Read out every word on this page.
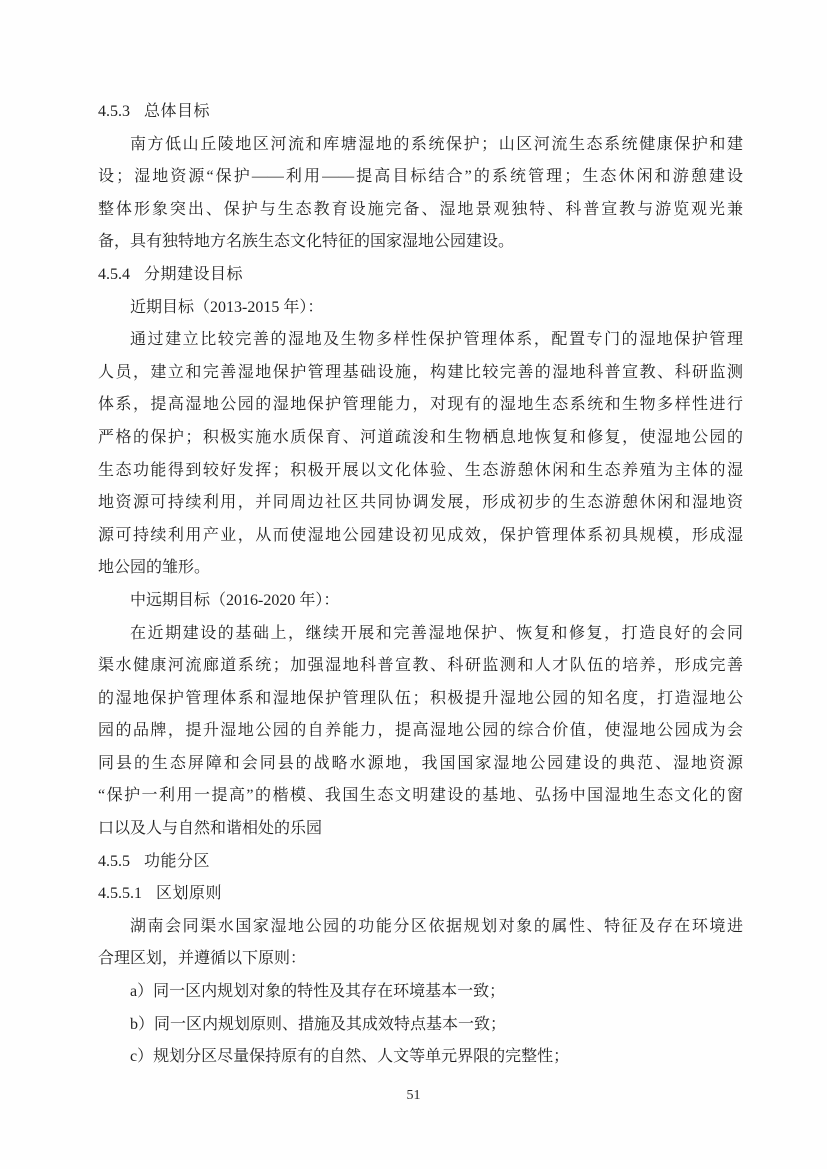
4.5.3 总体目标
南方低山丘陵地区河流和库塘湿地的系统保护；山区河流生态系统健康保护和建
设；湿地资源“保护——利用——提高目标结合”的系统管理；生态休闲和游憩建设
整体形象突出、保护与生态教育设施完备、湿地景观独特、科普宣教与游览观光兼
备，具有独特地方名族生态文化特征的国家湿地公园建设。
4.5.4 分期建设目标
近期目标（2013-2015 年）：
通过建立比较完善的湿地及生物多样性保护管理体系，配置专门的湿地保护管理
人员，建立和完善湿地保护管理基础设施，构建比较完善的湿地科普宣教、科研监测
体系，提高湿地公园的湿地保护管理能力，对现有的湿地生态系统和生物多样性进行
严格的保护；积极实施水质保育、河道疏浚和生物栖息地恢复和修复，使湿地公园的
生态功能得到较好发挥；积极开展以文化体验、生态游憩休闲和生态养殖为主体的湿
地资源可持续利用，并同周边社区共同协调发展，形成初步的生态游憩休闲和湿地资
源可持续利用产业，从而使湿地公园建设初见成效，保护管理体系初具规模，形成湿
地公园的雏形。
中远期目标（2016-2020 年）：
在近期建设的基础上，继续开展和完善湿地保护、恢复和修复，打造良好的会同
渠水健康河流廊道系统；加强湿地科普宣教、科研监测和人才队伍的培养，形成完善
的湿地保护管理体系和湿地保护管理队伍；积极提升湿地公园的知名度，打造湿地公
园的品牌，提升湿地公园的自养能力，提高湿地公园的综合价值，使湿地公园成为会
同县的生态屏障和会同县的战略水源地，我国国家湿地公园建设的典范、湿地资源
“保护一利用一提高”的楷模、我国生态文明建设的基地、弘扬中国湿地生态文化的窗
口以及人与自然和谐相处的乐园
4.5.5 功能分区
4.5.5.1 区划原则
湖南会同渠水国家湿地公园的功能分区依据规划对象的属性、特征及存在环境进
合理区划，并遵循以下原则：
a）同一区内规划对象的特性及其存在环境基本一致；
b）同一区内规划原则、措施及其成效特点基本一致；
c）规划分区尽量保持原有的自然、人文等单元界限的完整性；
51
